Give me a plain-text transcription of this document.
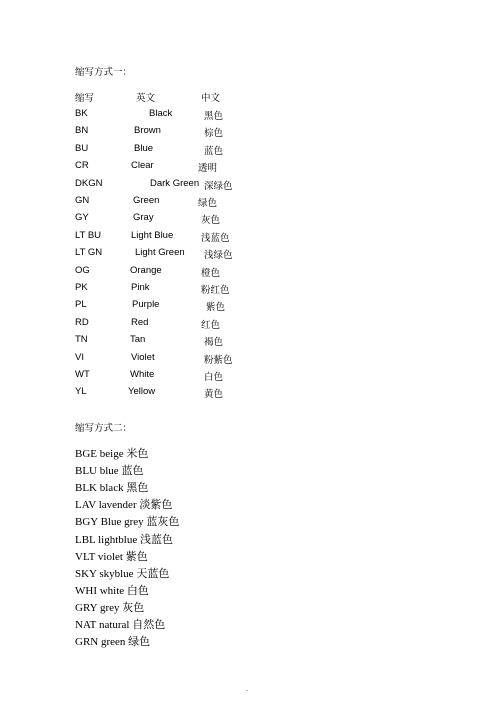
缩写方式一：
缩写	英文	中文
BK	Black	黑色
BN	Brown	棕色
BU	Blue	蓝色
CR	Clear	透明
DKGN	Dark Green 深绿色
GN	Green	绿色
GY	Gray	灰色
LT BU	Light Blue	浅蓝色
LT GN	Light Green 浅绿色
OG	Orange	橙色
PK	Pink	粉红色
PL	Purple	紫色
RD	Red	红色
TN	Tan	褐色
VI	Violet	粉紫色
WT	White	白色
YL	Yellow	黄色
缩写方式二：
BGE beige 米色
BLU blue 蓝色
BLK black 黑色
LAV lavender 淡紫色
BGY Blue grey 蓝灰色
LBL lightblue 浅蓝色
VLT violet 紫色
SKY skyblue 天蓝色
WHI white 白色
GRY grey 灰色
NAT natural 自然色
GRN green 绿色
.
